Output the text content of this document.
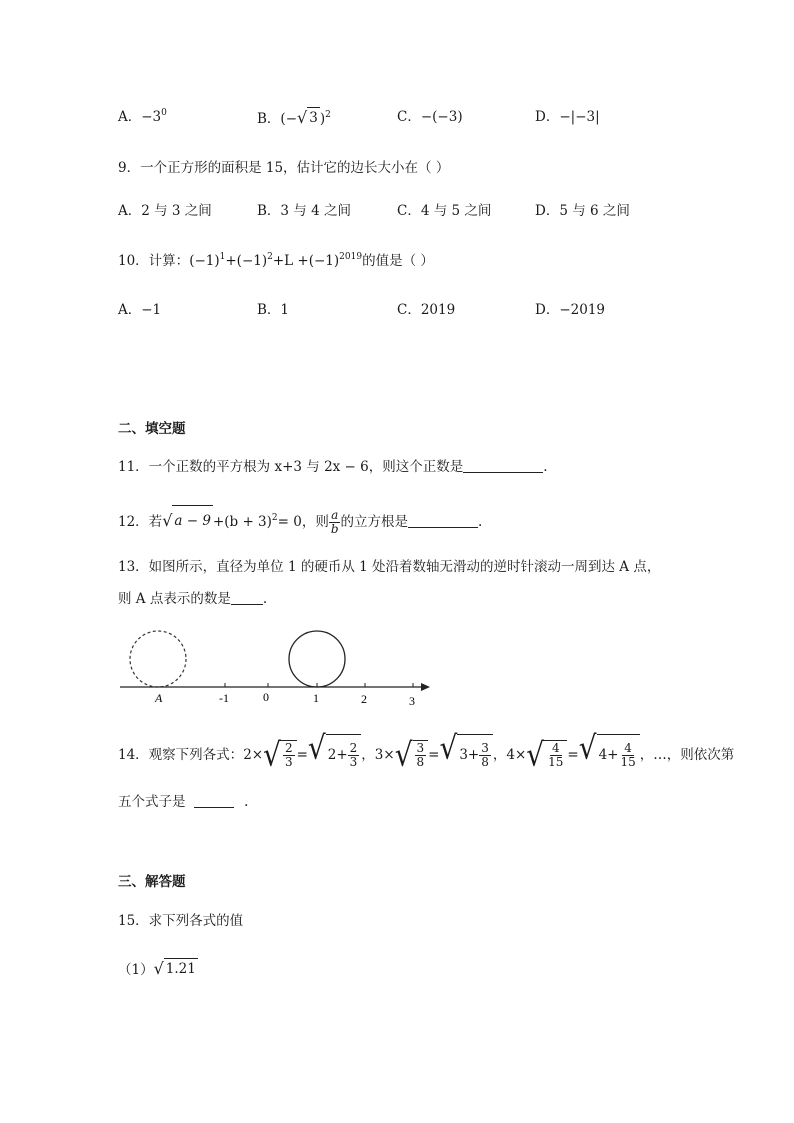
A．$-3^0$	B．(− √ 3 )$^2$	C．−(−3)	D．−|−3|
9．一个正方形的面积是 15，估计它的边长大小在（ ）
A．2 与 3 之间	B．3 与 4 之间	C．4 与 5 之间	D．5 与 6 之间
10．计算：$(-1)^1+(-1)^2+L +(-1)^{2019}$的值是（ ）
A．−1	B．1	C．2019	D．−2019
二、填空题
11．一个正数的平方根为 x+3 与 2x − 6，则这个正数是	.
12．若 √ $a - 9 +(b + 3)^2= 0$，则 $\frac{a}{b}$ 的立方根是	.
13．如图所示，直径为单位 1 的硬币从 1 处沿着数轴无滑动的逆时针滚动一周到达 A 点，
则 A 点表示的数是 .
A	-1	0	1	2	3
14．观察下列各式： 2× √ $\frac{2}{3}$ = √ $2+ \frac{2}{3}$ ， 3× √ $\frac{3}{8}$ = √ $3+ \frac{3}{8}$ ， 4× √ $\frac{4}{15}$ = √ $4+ \frac{4}{15}$ ，…，则依次第
五个式子是	.
三、解答题
15．求下列各式的值
（1） √ 1.21
